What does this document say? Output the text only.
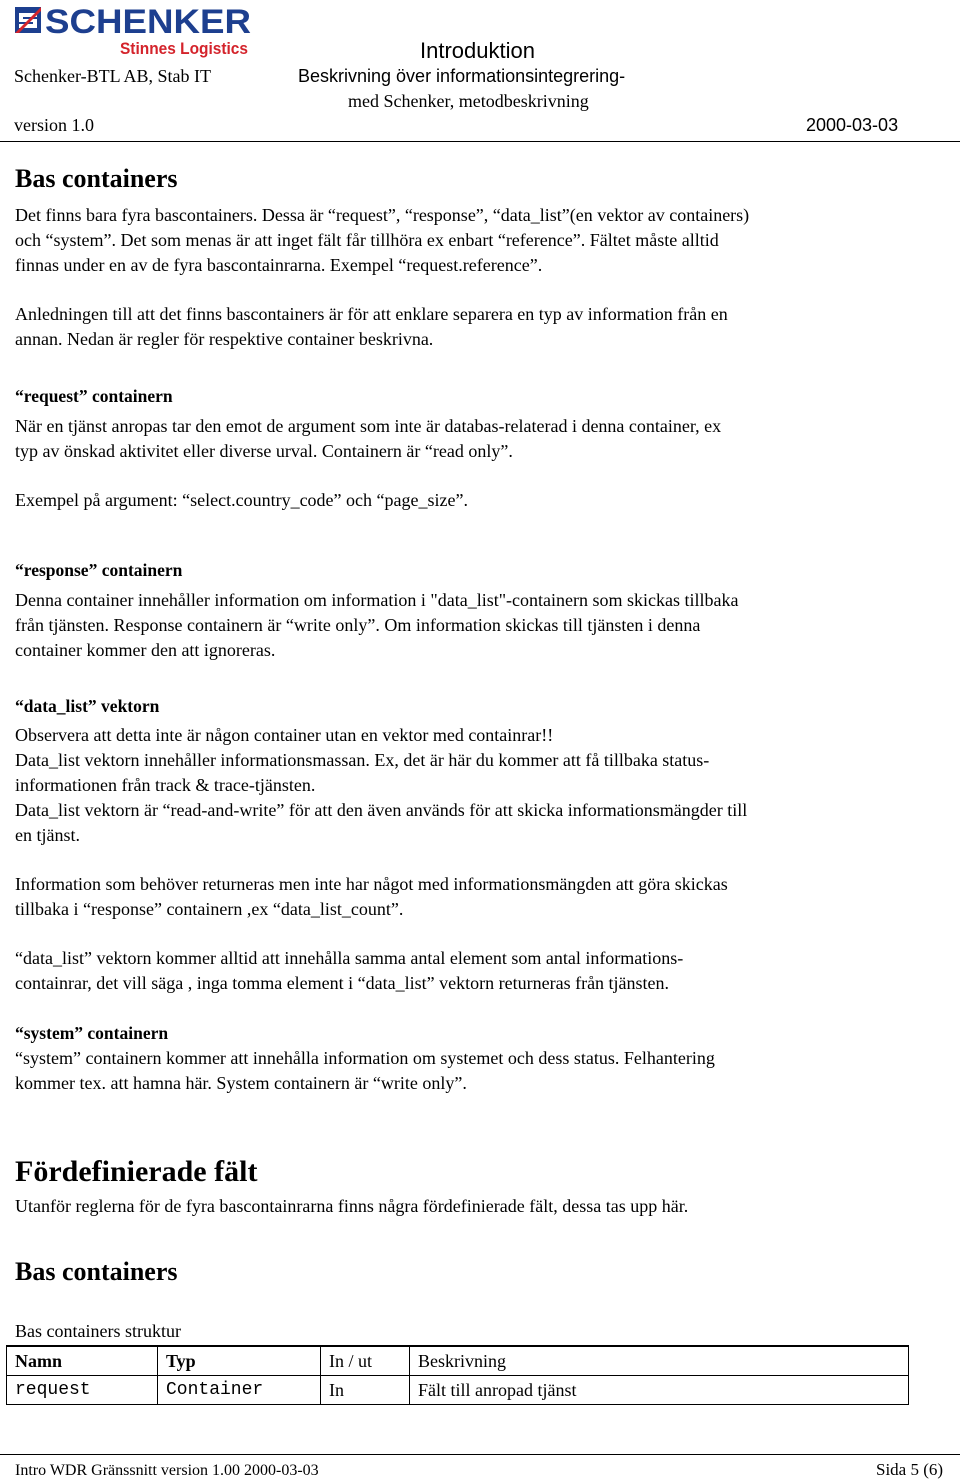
SCHENKER
Stinnes Logistics
Schenker-BTL AB, Stab IT
Introduktion
Beskrivning över informationsintegrering-
med Schenker, metodbeskrivning
version 1.0	2000-03-03
Bas containers

Det finns bara fyra bascontainers. Dessa är “request”, “response”, “data_list”(en vektor av containers)
och “system”. Det som menas är att inget fält får tillhöra ex enbart “reference”. Fältet måste alltid
finnas under en av de fyra bascontainrarna. Exempel “request.reference”.

Anledningen till att det finns bascontainers är för att enklare separera en typ av information från en
annan. Nedan är regler för respektive container beskrivna.

“request” containern

När en tjänst anropas tar den emot de argument som inte är databas-relaterad i denna container, ex
typ av önskad aktivitet eller diverse urval. Containern är “read only”.

Exempel på argument: “select.country_code” och “page_size”.

“response” containern

Denna container innehåller information om information i "data_list"-containern som skickas tillbaka
från tjänsten. Response containern är “write only”. Om information skickas till tjänsten i denna
container kommer den att ignoreras.

“data_list” vektorn

Observera att detta inte är någon container utan en vektor med containrar!!
Data_list vektorn innehåller informationsmassan. Ex, det är här du kommer att få tillbaka status-
informationen från track & trace-tjänsten.
Data_list vektorn är “read-and-write” för att den även används för att skicka informationsmängder till
en tjänst.

Information som behöver returneras men inte har något med informationsmängden att göra skickas
tillbaka i “response” containern ,ex “data_list_count”.

“data_list” vektorn kommer alltid att innehålla samma antal element som antal informations-
containrar, det vill säga , inga tomma element i “data_list” vektorn returneras från tjänsten.

“system” containern

“system” containern kommer att innehålla information om systemet och dess status. Felhantering
kommer tex. att hamna här. System containern är “write only”.

Fördefinierade fält

Utanför reglerna för de fyra bascontainrarna finns några fördefinierade fält, dessa tas upp här.

Bas containers
Bas containers struktur
Namn	Typ	In / ut	Beskrivning
request	Container	In	Fält till anropad tjänst
Intro WDR Gränssnitt version 1.00 2000-03-03	Sida 5 (6)
